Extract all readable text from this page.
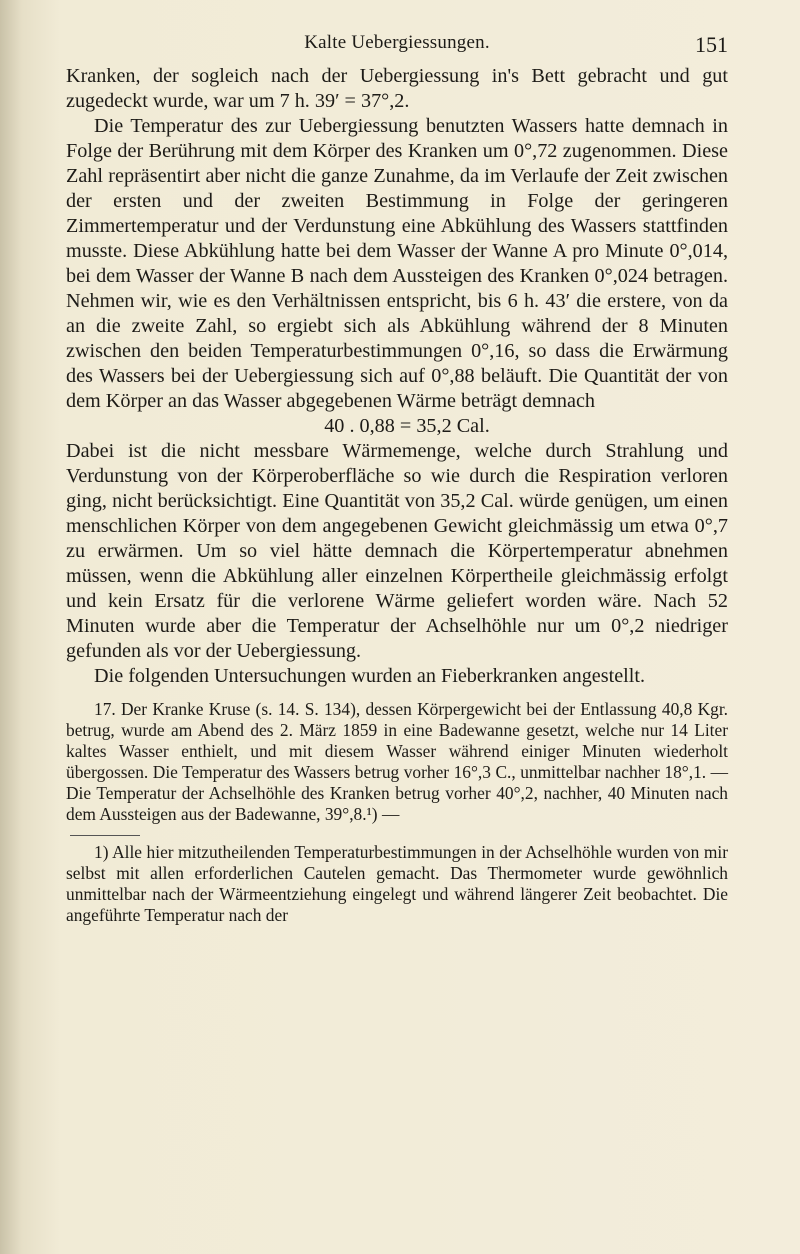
Kalte Uebergiessungen.	151

Kranken, der sogleich nach der Uebergiessung in's Bett gebracht und gut zugedeckt wurde, war um 7 h. 39′ = 37°,2.

Die Temperatur des zur Uebergiessung benutzten Wassers hatte demnach in Folge der Berührung mit dem Körper des Kranken um 0°,72 zugenommen. Diese Zahl repräsentirt aber nicht die ganze Zunahme, da im Verlaufe der Zeit zwischen der ersten und der zweiten Bestimmung in Folge der geringeren Zimmertemperatur und der Verdunstung eine Abkühlung des Wassers stattfinden musste. Diese Abkühlung hatte bei dem Wasser der Wanne A pro Minute 0°,014, bei dem Wasser der Wanne B nach dem Aussteigen des Kranken 0°,024 betragen. Nehmen wir, wie es den Verhältnissen entspricht, bis 6 h. 43′ die erstere, von da an die zweite Zahl, so ergiebt sich als Abkühlung während der 8 Minuten zwischen den beiden Temperaturbestimmungen 0°,16, so dass die Erwärmung des Wassers bei der Uebergiessung sich auf 0°,88 beläuft. Die Quantität der von dem Körper an das Wasser abgegebenen Wärme beträgt demnach

40 . 0,88 = 35,2 Cal.

Dabei ist die nicht messbare Wärmemenge, welche durch Strahlung und Verdunstung von der Körperoberfläche so wie durch die Respiration verloren ging, nicht berücksichtigt. Eine Quantität von 35,2 Cal. würde genügen, um einen menschlichen Körper von dem angegebenen Gewicht gleichmässig um etwa 0°,7 zu erwärmen. Um so viel hätte demnach die Körpertemperatur abnehmen müssen, wenn die Abkühlung aller einzelnen Körpertheile gleichmässig erfolgt und kein Ersatz für die verlorene Wärme geliefert worden wäre. Nach 52 Minuten wurde aber die Temperatur der Achselhöhle nur um 0°,2 niedriger gefunden als vor der Uebergiessung.

Die folgenden Untersuchungen wurden an Fieberkranken angestellt.

17. Der Kranke Kruse (s. 14. S. 134), dessen Körpergewicht bei der Entlassung 40,8 Kgr. betrug, wurde am Abend des 2. März 1859 in eine Badewanne gesetzt, welche nur 14 Liter kaltes Wasser enthielt, und mit diesem Wasser während einiger Minuten wiederholt übergossen. Die Temperatur des Wassers betrug vorher 16°,3 C., unmittelbar nachher 18°,1. — Die Temperatur der Achselhöhle des Kranken betrug vorher 40°,2, nachher, 40 Minuten nach dem Aussteigen aus der Badewanne, 39°,8.¹) —

1) Alle hier mitzutheilenden Temperaturbestimmungen in der Achselhöhle wurden von mir selbst mit allen erforderlichen Cautelen gemacht. Das Thermometer wurde gewöhnlich unmittelbar nach der Wärmeentziehung eingelegt und während längerer Zeit beobachtet. Die angeführte Temperatur nach der
